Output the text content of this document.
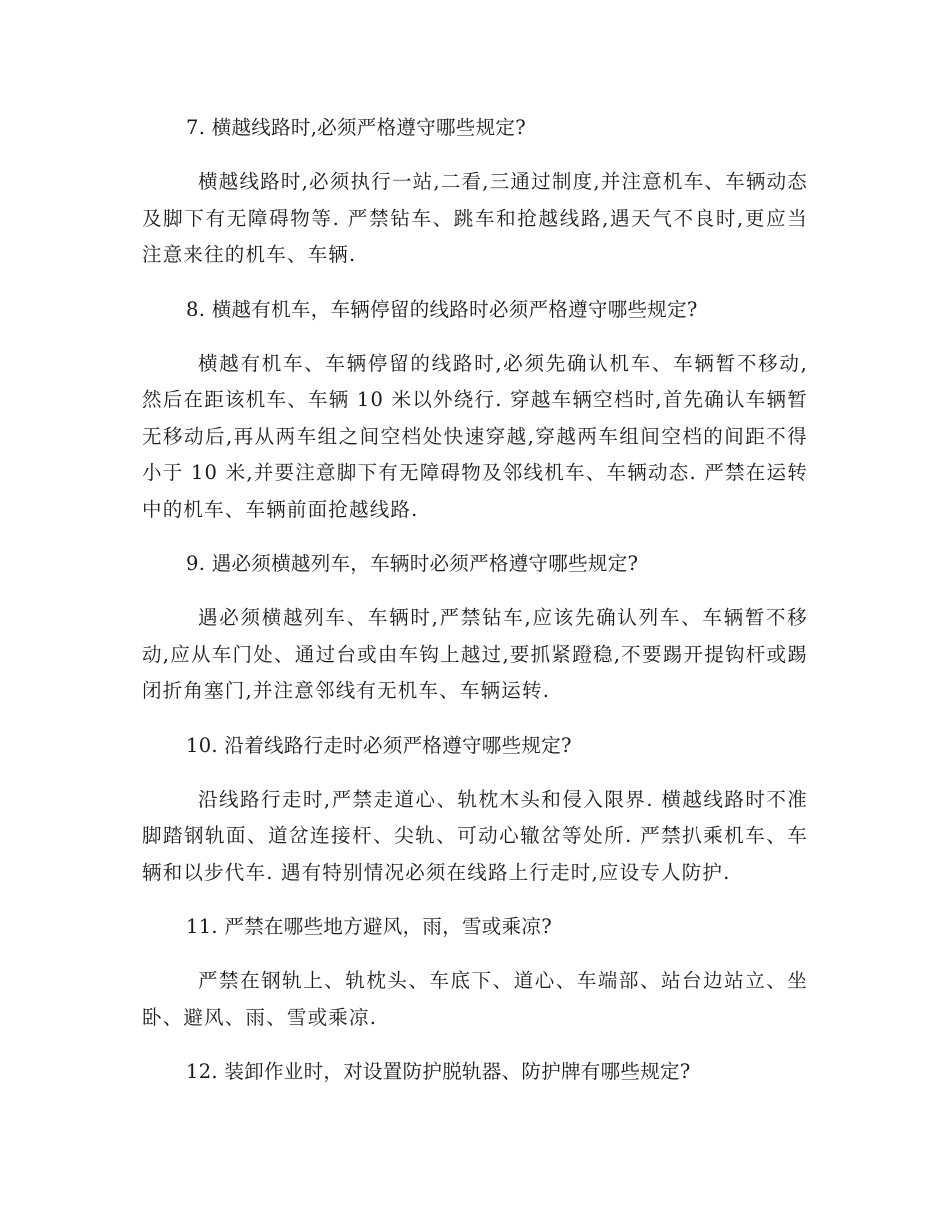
7. 横越线路时,必须严格遵守哪些规定?

横越线路时,必须执行一站,二看,三通过制度,并注意机车、车辆动态及脚下有无障碍物等. 严禁钻车、跳车和抢越线路,遇天气不良时,更应当注意来往的机车、车辆.

8. 横越有机车，车辆停留的线路时必须严格遵守哪些规定?

横越有机车、车辆停留的线路时,必须先确认机车、车辆暂不移动,然后在距该机车、车辆 10 米以外绕行. 穿越车辆空档时,首先确认车辆暂无移动后,再从两车组之间空档处快速穿越,穿越两车组间空档的间距不得小于 10 米,并要注意脚下有无障碍物及邻线机车、车辆动态. 严禁在运转中的机车、车辆前面抢越线路.

9. 遇必须横越列车，车辆时必须严格遵守哪些规定?

遇必须横越列车、车辆时,严禁钻车,应该先确认列车、车辆暂不移动,应从车门处、通过台或由车钩上越过,要抓紧蹬稳,不要踢开提钩杆或踢闭折角塞门,并注意邻线有无机车、车辆运转.

10. 沿着线路行走时必须严格遵守哪些规定?

沿线路行走时,严禁走道心、轨枕木头和侵入限界. 横越线路时不准脚踏钢轨面、道岔连接杆、尖轨、可动心辙岔等处所. 严禁扒乘机车、车辆和以步代车. 遇有特别情况必须在线路上行走时,应设专人防护.

11. 严禁在哪些地方避风，雨，雪或乘凉?

严禁在钢轨上、轨枕头、车底下、道心、车端部、站台边站立、坐卧、避风、雨、雪或乘凉.

12. 装卸作业时，对设置防护脱轨器、防护牌有哪些规定?
